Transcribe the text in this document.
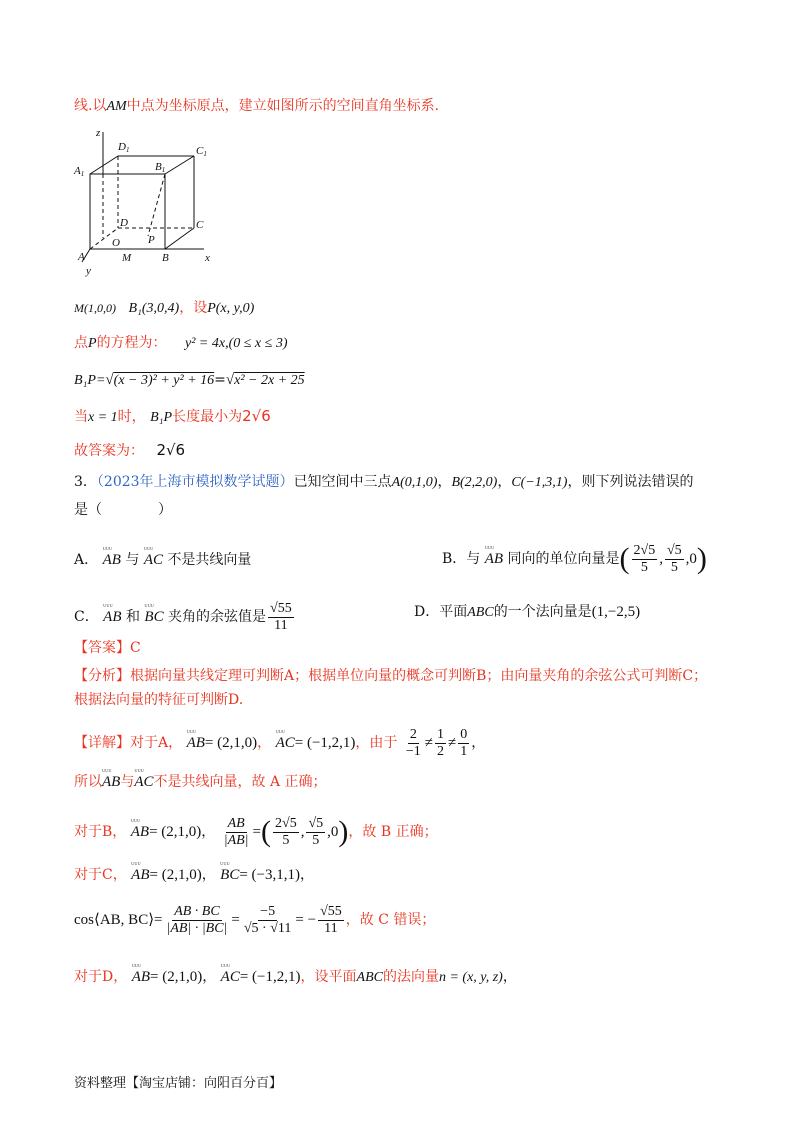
线.以AM中点为坐标原点，建立如图所示的空间直角坐标系.
z
D1	C1
A1
B1
D	C
O	P
A	M	B	x
y
M(1,0,0) B₁(3,0,4)，设P(x, y,0)
点P的方程为： y² = 4x,(0 ≤ x ≤ 3)
B₁P=√(x − 3)² + y² + 16=√x² − 2x + 25
当x = 1时， B₁P长度最小为2√6
故答案为： 2√6
3．（2023年上海市模拟数学试题）已知空间中三点A(0,1,0)，B(2,2,0)，C(−1,3,1)，则下列说法错误的
是（　　　　）
A． ᵁᵁᵁ AB 与 ᵁᵁᵁ AC 不是共线向量	B．与 ᵁᵁᵁ AB 同向的单位向量是( $\frac{2√5}{5}$ , $\frac{√5}{5} ,0$)
C． ᵁᵁᵁ AB 和 ᵁᵁᵁ BC 夹角的余弦值是 $\frac{√55}{11}$	D．平面ABC的一个法向量是(1,−2,5)
【答案】C
【分析】根据向量共线定理可判断A；根据单位向量的概念可判断B；由向量夹角的余弦公式可判断C；
根据法向量的特征可判断D.
【详解】对于A， ᵁᵁᵁ AB= (2,1,0)， ᵁᵁᵁ AC= (−1,2,1)，由于 $\frac{2}{-1} \ne \frac{1}{2} \ne \frac{0}{1}$ ，
所以ᵁᵁᵁ AB与ᵁᵁᵁ AC不是共线向量，故 A 正确；
对于B， ᵁᵁᵁ AB= (2,1,0)， $\frac{AB}{|AB|}$ =( $\frac{2√5}{5}$ , $\frac{√5}{5} ,0$)，故 B 正确；
对于C， ᵁᵁᵁ AB= (2,1,0)， ᵁᵁᵁ BC= (−3,1,1)，
cos⟨AB, BC⟩= $\frac{AB \cdot BC}{|AB| \cdot |BC|} = \frac{-5}{√5 \cdot √11}$ = − $\frac{√55}{11}$ ，故 C 错误；
对于D， ᵁᵁᵁ AB= (2,1,0)， ᵁᵁᵁ AC= (−1,2,1)，设平面ABC的法向量n = (x, y, z)，
资料整理【淘宝店铺：向阳百分百】
